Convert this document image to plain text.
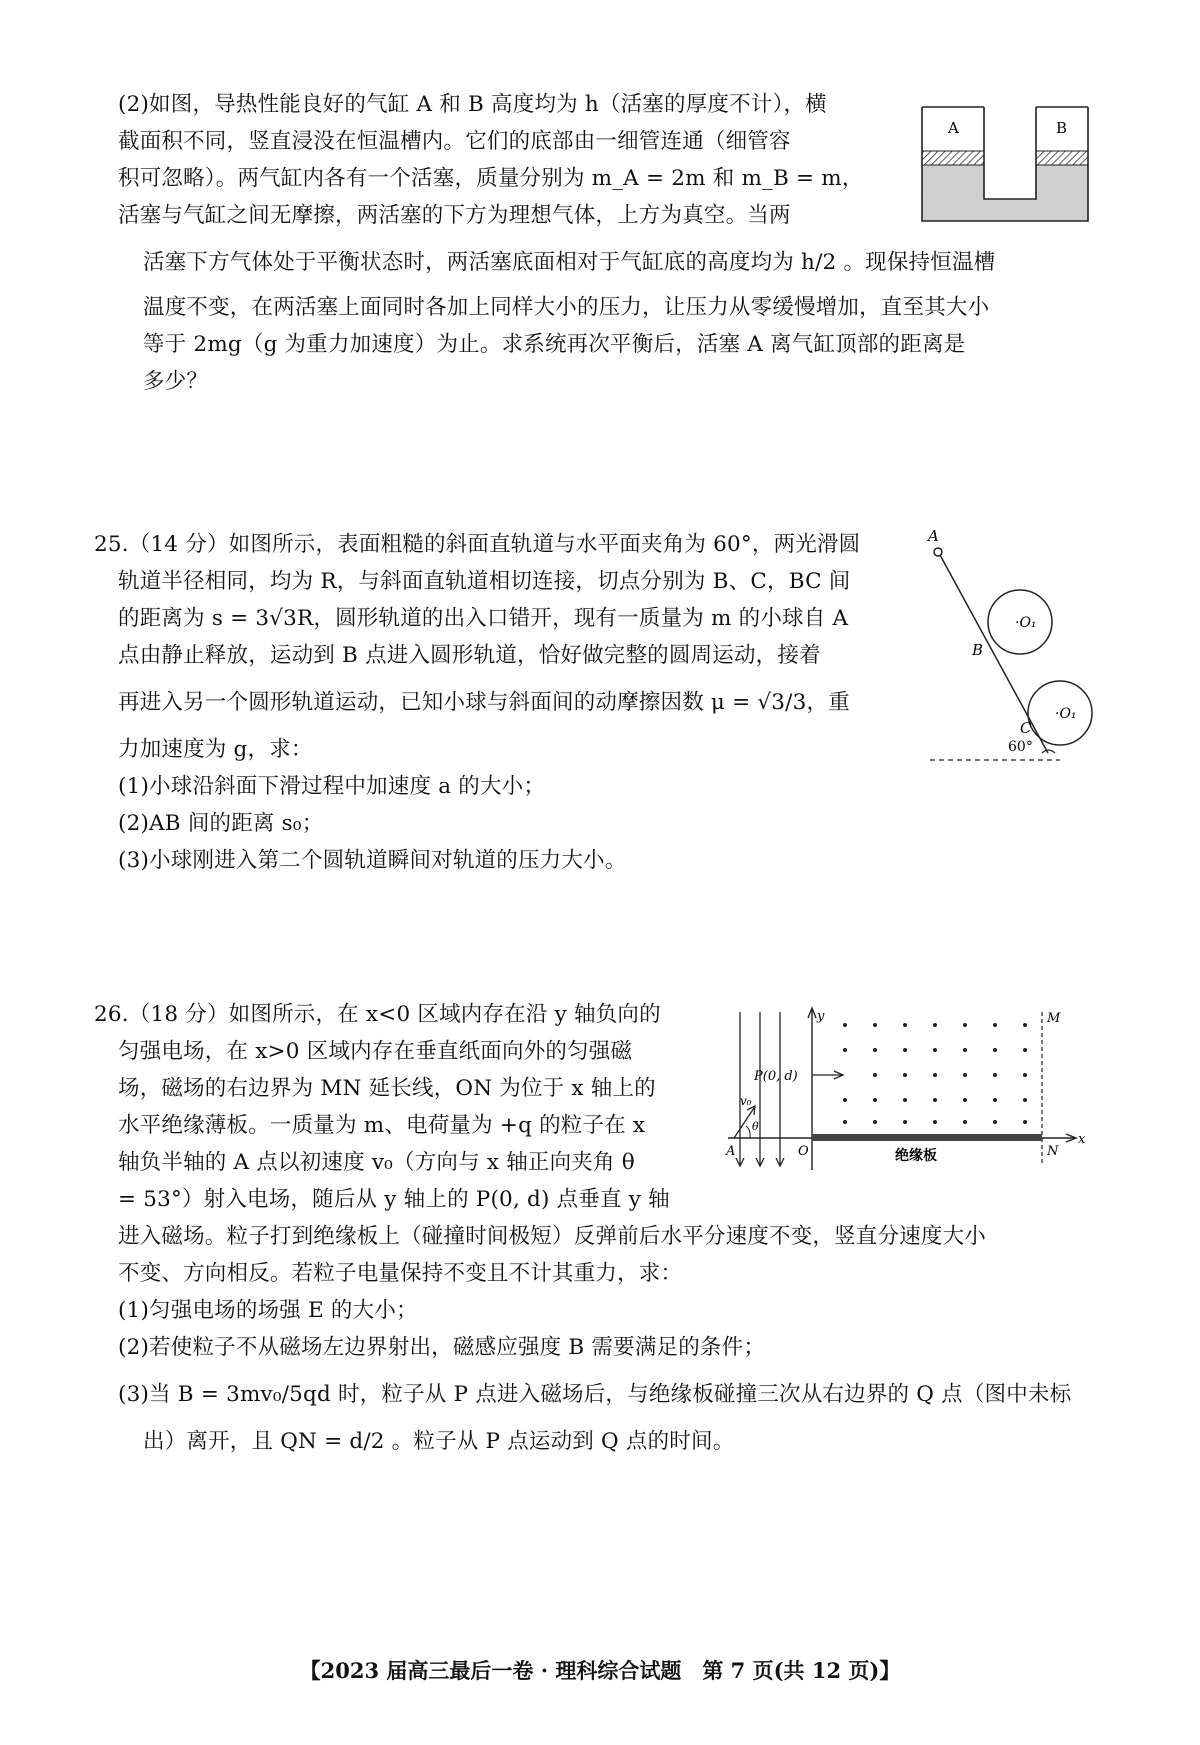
(2)如图，导热性能良好的气缸 A 和 B 高度均为 h（活塞的厚度不计），横
截面积不同，竖直浸没在恒温槽内。它们的底部由一细管连通（细管容
积可忽略）。两气缸内各有一个活塞，质量分别为 m_A = 2m 和 m_B = m，
活塞与气缸之间无摩擦，两活塞的下方为理想气体，上方为真空。当两
活塞下方气体处于平衡状态时，两活塞底面相对于气缸底的高度均为 h/2 。现保持恒温槽
温度不变，在两活塞上面同时各加上同样大小的压力，让压力从零缓慢增加，直至其大小
等于 2mg（g 为重力加速度）为止。求系统再次平衡后，活塞 A 离气缸顶部的距离是
多少？
A	B
25.（14 分）如图所示，表面粗糙的斜面直轨道与水平面夹角为 60°，两光滑圆
轨道半径相同，均为 R，与斜面直轨道相切连接，切点分别为 B、C，BC 间
的距离为 s = 3√3R，圆形轨道的出入口错开，现有一质量为 m 的小球自 A
点由静止释放，运动到 B 点进入圆形轨道，恰好做完整的圆周运动，接着
再进入另一个圆形轨道运动，已知小球与斜面间的动摩擦因数 μ = √3/3，重
力加速度为 g，求：
(1)小球沿斜面下滑过程中加速度 a 的大小；
(2)AB 间的距离 s₀；
(3)小球刚进入第二个圆轨道瞬间对轨道的压力大小。
A
B
C
·O₁
·O₁
60°
26.（18 分）如图所示，在 x<0 区域内存在沿 y 轴负向的
匀强电场，在 x>0 区域内存在垂直纸面向外的匀强磁
场，磁场的右边界为 MN 延长线，ON 为位于 x 轴上的
水平绝缘薄板。一质量为 m、电荷量为 +q 的粒子在 x
轴负半轴的 A 点以初速度 v₀（方向与 x 轴正向夹角 θ
= 53°）射入电场，随后从 y 轴上的 P(0, d) 点垂直 y 轴
进入磁场。粒子打到绝缘板上（碰撞时间极短）反弹前后水平分速度不变，竖直分速度大小
不变、方向相反。若粒子电量保持不变且不计其重力，求：
(1)匀强电场的场强 E 的大小；
(2)若使粒子不从磁场左边界射出，磁感应强度 B 需要满足的条件；
(3)当 B = 3mv₀/5qd 时，粒子从 P 点进入磁场后，与绝缘板碰撞三次从右边界的 Q 点（图中未标
出）离开，且 QN = d/2 。粒子从 P 点运动到 Q 点的时间。
y
x
M
N
O
A
P(0, d)
v₀
θ
绝缘板
【2023 届高三最后一卷 · 理科综合试题　第 7 页(共 12 页)】
